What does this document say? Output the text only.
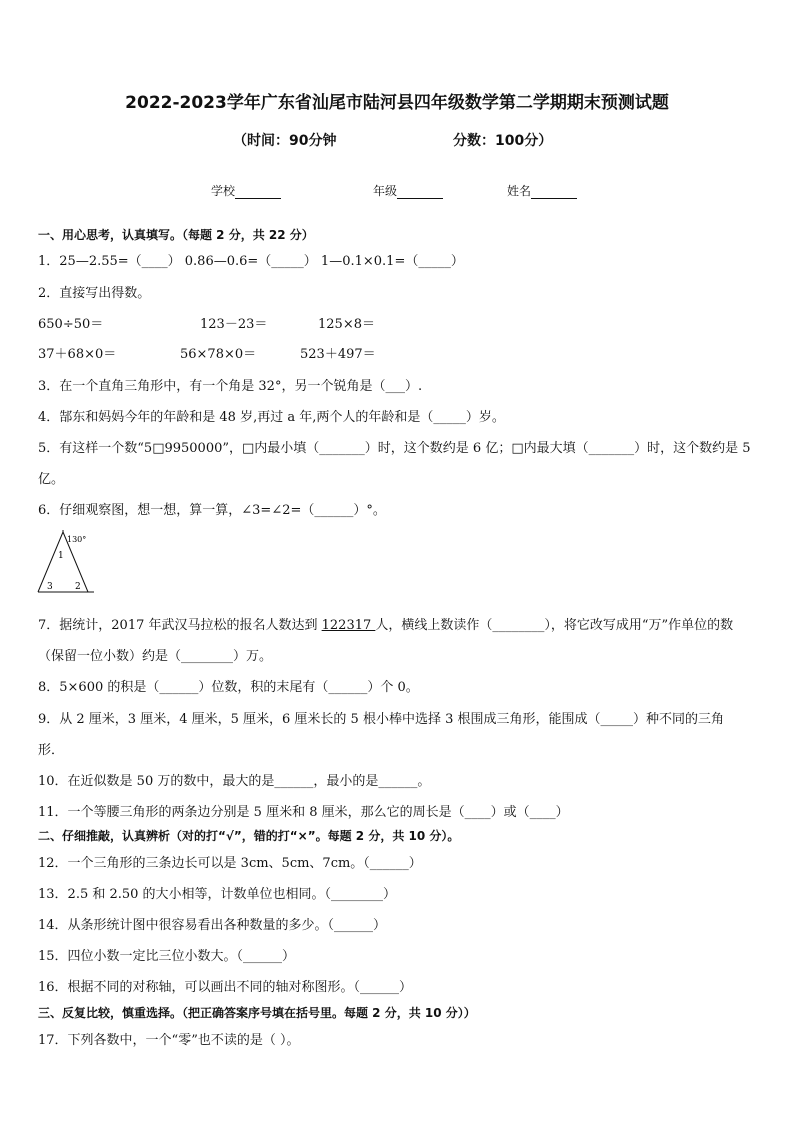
2022-2023学年广东省汕尾市陆河县四年级数学第二学期期末预测试题
（时间：90分钟	分数：100分）
学校	年级	姓名
一、用心思考，认真填写。（每题 2 分，共 22 分）
1．25—2.55=（____） 0.86—0.6=（_____） 1—0.1×0.1=（_____）
2．直接写出得数。
650÷50＝	123－23＝	125×8＝
37＋68×0＝	56×78×0＝	523＋497＝
3．在一个直角三角形中，有一个角是 32°，另一个锐角是（___）.
4．郜东和妈妈今年的年龄和是 48 岁,再过 a 年,两个人的年龄和是（_____）岁。
5．有这样一个数“5□9950000”，□内最小填（_______）时，这个数约是 6 亿；□内最大填（_______）时，这个数约是 5
亿。
6．仔细观察图，想一想，算一算，∠3=∠2=（______）°。
130°
1
3 2
7．据统计，2017 年武汉马拉松的报名人数达到 122317 人，横线上数读作（________），将它改写成用“万”作单位的数
（保留一位小数）约是（________）万。
8．5×600 的积是（______）位数，积的末尾有（______）个 0。
9．从 2 厘米，3 厘米，4 厘米，5 厘米，6 厘米长的 5 根小棒中选择 3 根围成三角形，能围成（_____）种不同的三角
形．
10．在近似数是 50 万的数中，最大的是______，最小的是______。
11．一个等腰三角形的两条边分别是 5 厘米和 8 厘米，那么它的周长是（____）或（____）
二、仔细推敲，认真辨析（对的打“√”，错的打“×”。每题 2 分，共 10 分）。
12．一个三角形的三条边长可以是 3cm、5cm、7cm。（______）
13．2.5 和 2.50 的大小相等，计数单位也相同。（________）
14．从条形统计图中很容易看出各种数量的多少。（______）
15．四位小数一定比三位小数大。（______）
16．根据不同的对称轴，可以画出不同的轴对称图形。（______）
三、反复比较，慎重选择。（把正确答案序号填在括号里。每题 2 分，共 10 分））
17．下列各数中，一个“零”也不读的是（ ）。
